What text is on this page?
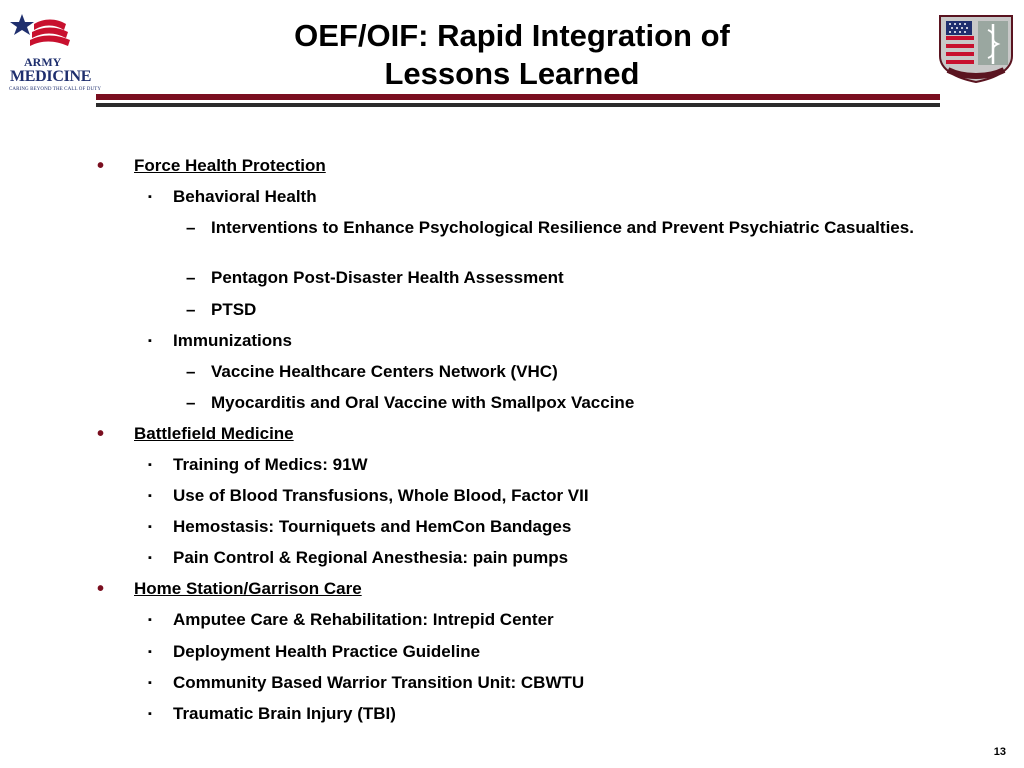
ARMY
MEDICINE
CARING BEYOND THE CALL OF DUTY
OEF/OIF: Rapid Integration of
Lessons Learned
• Force Health Protection
▪ Behavioral Health
– Interventions to Enhance Psychological Resilience and Prevent Psychiatric Casualties.
– Pentagon Post-Disaster Health Assessment
– PTSD
▪ Immunizations
– Vaccine Healthcare Centers Network (VHC)
– Myocarditis and Oral Vaccine with Smallpox Vaccine
• Battlefield Medicine
▪ Training of Medics: 91W
▪ Use of Blood Transfusions, Whole Blood, Factor VII
▪ Hemostasis: Tourniquets and HemCon Bandages
▪ Pain Control & Regional Anesthesia: pain pumps
• Home Station/Garrison Care
▪ Amputee Care & Rehabilitation: Intrepid Center
▪ Deployment Health Practice Guideline
▪ Community Based Warrior Transition Unit: CBWTU
▪ Traumatic Brain Injury (TBI)
13
